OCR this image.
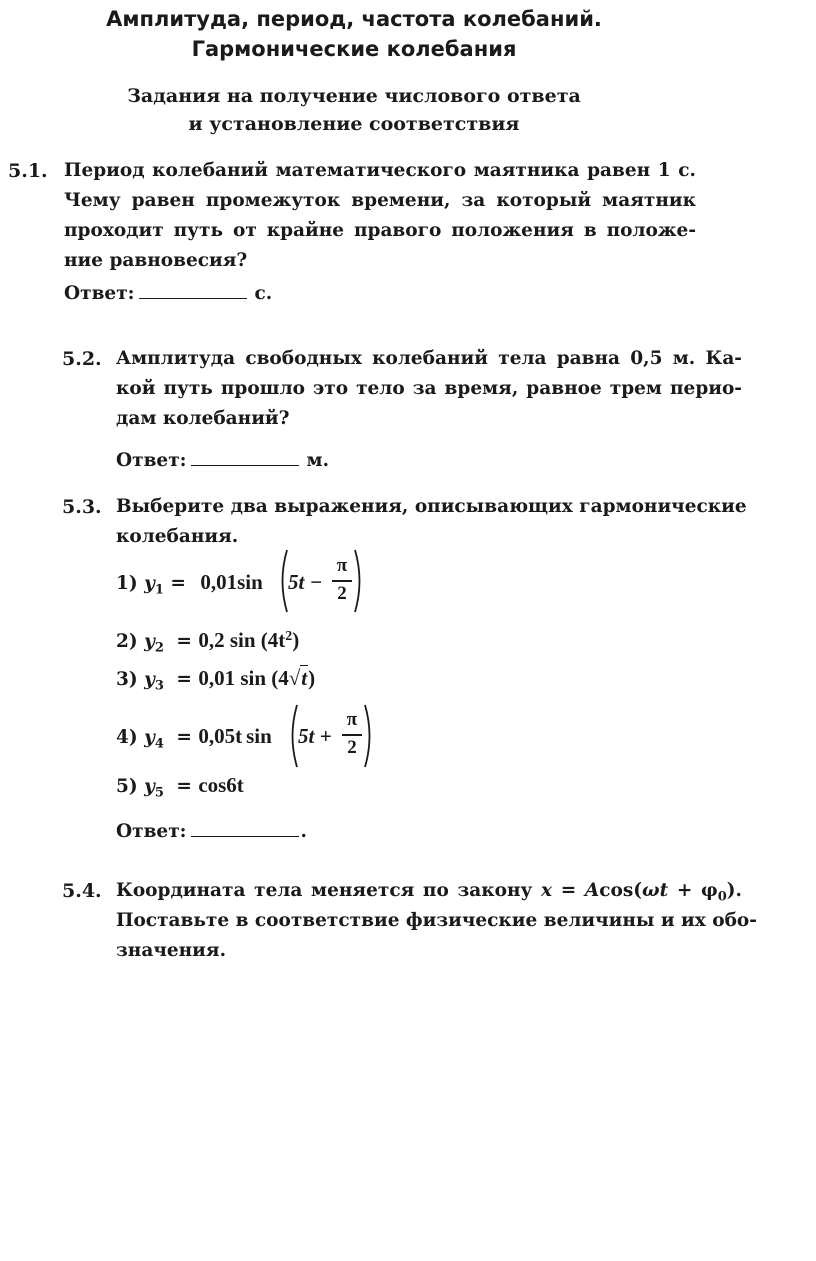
Амплитуда, период, частота колебаний.
Гармонические колебания
Задания на получение числового ответа
и установление соответствия
5.1. Период колебаний математического маятника равен 1 с.
Чему равен промежуток времени, за который маятник
проходит путь от крайне правого положения в положе-
ние равновесия?
Ответ:	с.
5.2. Амплитуда свободных колебаний тела равна 0,5 м. Ка-
кой путь прошло это тело за время, равное трем перио-
дам колебаний?
Ответ:	м.
5.3. Выберите два выражения, описывающих гармонические
колебания.
1) $y_1 = 0,01\sin$ 5t −
π
2
2) $y_2 = 0,2$ $\sin (4t^2)$
3) $y_3 = 0,01$ sin (4√t)
4) $y_4 = 0,05t$ sin 5t +
π
2
5) $y_5 = \cos 6t$
Ответ:	.
5.4. Координата тела меняется по закону $x = Acos(\omega t + \varphi_0)$.
Поставьте в соответствие физические величины и их обо-
значения.
